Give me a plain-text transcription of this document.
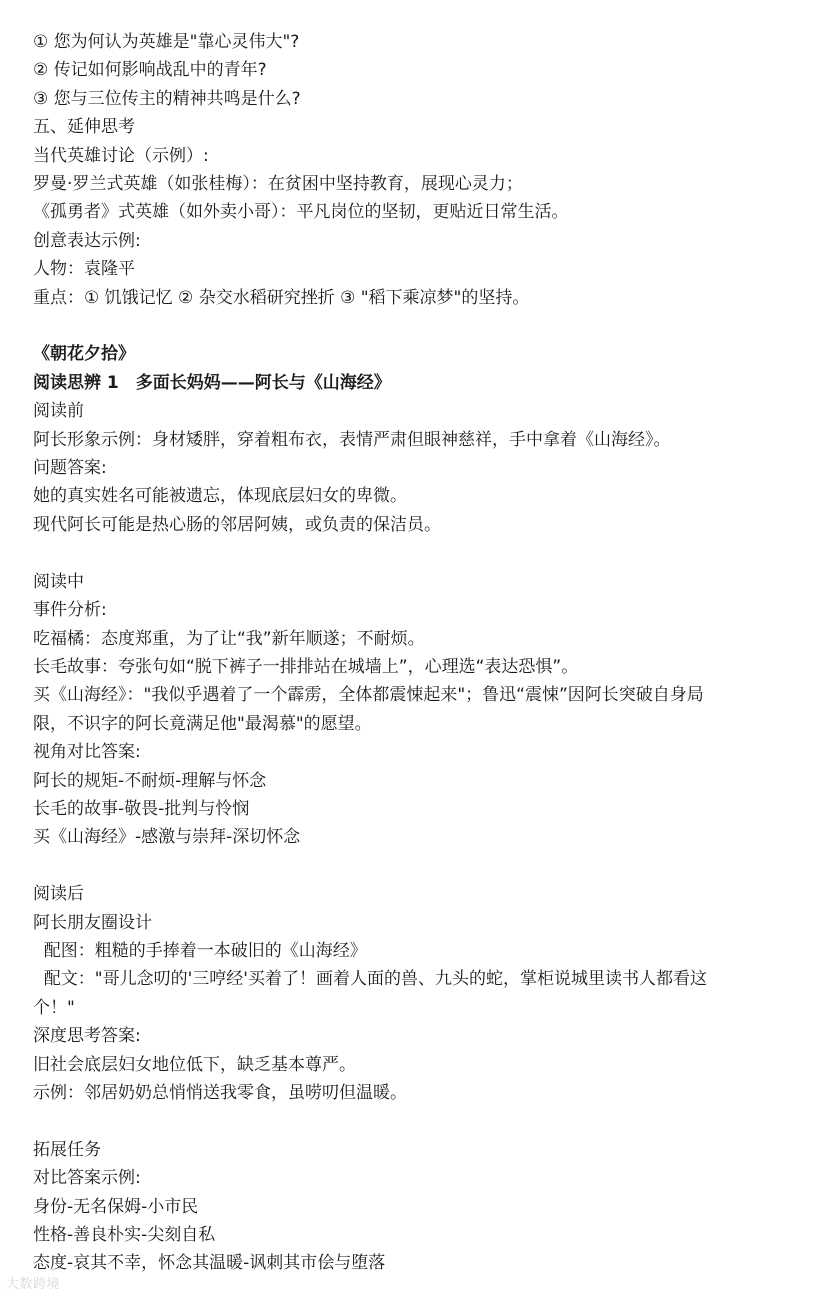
① 您为何认为英雄是"靠心灵伟大"?

② 传记如何影响战乱中的青年?

③ 您与三位传主的精神共鸣是什么?

五、延伸思考

当代英雄讨论（示例）:

罗曼·罗兰式英雄（如张桂梅）：在贫困中坚持教育，展现心灵力；

《孤勇者》式英雄（如外卖小哥）：平凡岗位的坚韧，更贴近日常生活。

创意表达示例:

人物：袁隆平

重点：① 饥饿记忆 ② 杂交水稻研究挫折 ③ "稻下乘凉梦"的坚持。

《朝花夕拾》

阅读思辨 1　多面长妈妈——阿长与《山海经》

阅读前

阿长形象示例：身材矮胖，穿着粗布衣，表情严肃但眼神慈祥，手中拿着《山海经》。

问题答案:

她的真实姓名可能被遗忘，体现底层妇女的卑微。

现代阿长可能是热心肠的邻居阿姨，或负责的保洁员。

阅读中

事件分析:

吃福橘：态度郑重，为了让“我”新年顺遂；不耐烦。

长毛故事：夸张句如“脱下裤子一排排站在城墙上”，心理选“表达恐惧”。

买《山海经》："我似乎遇着了一个霹雳，全体都震悚起来"；鲁迅“震悚”因阿长突破自身局

限，不识字的阿长竟满足他"最渴慕"的愿望。

视角对比答案:

阿长的规矩-不耐烦-理解与怀念

长毛的故事-敬畏-批判与怜悯

买《山海经》-感激与崇拜-深切怀念

阅读后

阿长朋友圈设计

配图：粗糙的手捧着一本破旧的《山海经》

配文："哥儿念叨的'三哼经'买着了！画着人面的兽、九头的蛇，掌柜说城里读书人都看这

个！"

深度思考答案:

旧社会底层妇女地位低下，缺乏基本尊严。

示例：邻居奶奶总悄悄送我零食，虽唠叨但温暖。

拓展任务

对比答案示例:

身份-无名保姆-小市民

性格-善良朴实-尖刻自私

态度-哀其不幸，怀念其温暖-讽刺其市侩与堕落

大数跨境
